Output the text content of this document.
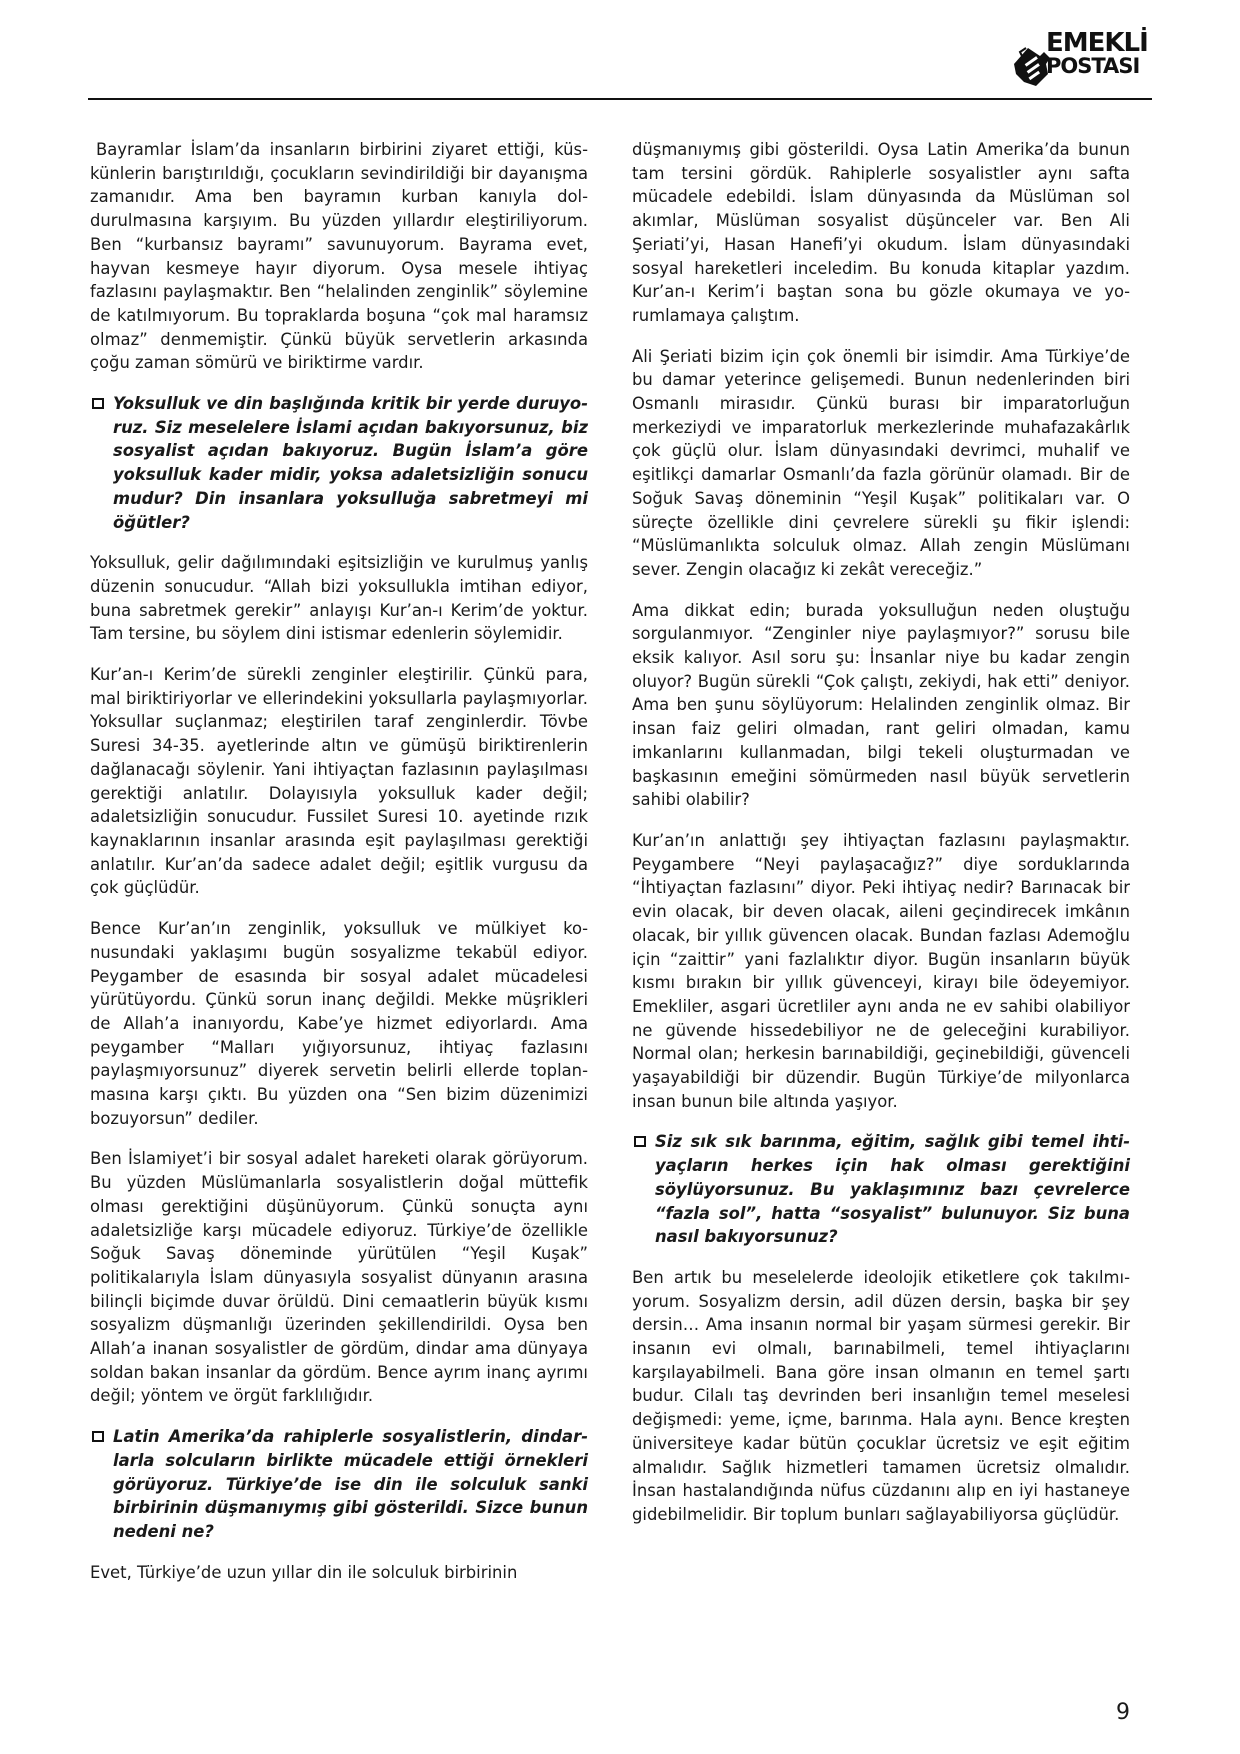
EMEKLİ
POSTASI

Bayramlar İslam’da insanların birbirini ziyaret ettiği, küskünlerin barıştırıldığı, çocukların sevindirildiği bir dayanışma zamanıdır. Ama ben bayramın kurban kanıyla doldurulmasına karşıyım. Bu yüzden yıllardır eleştiriliyorum. Ben “kurbansız bayramı” savunuyorum. Bayrama evet, hayvan kesmeye hayır diyorum. Oysa mesele ihtiyaç fazlasını paylaşmaktır. Ben “helalinden zenginlik” söylemine de katılmıyorum. Bu topraklarda boşuna “çok mal haramsız olmaz” denmemiştir. Çünkü büyük servetlerin arkasında çoğu zaman sömürü ve biriktirme vardır.

Yoksulluk ve din başlığında kritik bir yerde duruyoruz. Siz meselelere İslami açıdan bakıyorsunuz, biz sosyalist açıdan bakıyoruz. Bugün İslam’a göre yoksulluk kader midir, yoksa adaletsizliğin sonucu mudur? Din insanlara yoksulluğa sabretmeyi mi öğütler?

Yoksulluk, gelir dağılımındaki eşitsizliğin ve kurulmuş yanlış düzenin sonucudur. “Allah bizi yoksullukla imtihan ediyor, buna sabretmek gerekir” anlayışı Kur’an-ı Kerim’de yoktur. Tam tersine, bu söylem dini istismar edenlerin söylemidir.

Kur’an-ı Kerim’de sürekli zenginler eleştirilir. Çünkü para, mal biriktiriyorlar ve ellerindekini yoksullarla paylaşmıyorlar. Yoksullar suçlanmaz; eleştirilen taraf zenginlerdir. Tövbe Suresi 34-35. ayetlerinde altın ve gümüşü biriktirenlerin dağlanacağı söylenir. Yani ihtiyaçtan fazlasının paylaşılması gerektiği anlatılır. Dolayısıyla yoksulluk kader değil; adaletsizliğin sonucudur. Fussilet Suresi 10. ayetinde rızık kaynaklarının insanlar arasında eşit paylaşılması gerektiği anlatılır. Kur’an’da sadece adalet değil; eşitlik vurgusu da çok güçlüdür.

Bence Kur’an’ın zenginlik, yoksulluk ve mülkiyet konusundaki yaklaşımı bugün sosyalizme tekabül ediyor. Peygamber de esasında bir sosyal adalet mücadelesi yürütüyordu. Çünkü sorun inanç değildi. Mekke müşrikleri de Allah’a inanıyordu, Kabe’ye hizmet ediyorlardı. Ama peygamber “Malları yığıyorsunuz, ihtiyaç fazlasını paylaşmıyorsunuz” diyerek servetin belirli ellerde toplanmasına karşı çıktı. Bu yüzden ona “Sen bizim düzenimizi bozuyorsun” dediler.

Ben İslamiyet’i bir sosyal adalet hareketi olarak görüyorum. Bu yüzden Müslümanlarla sosyalistlerin doğal müttefik olması gerektiğini düşünüyorum. Çünkü sonuçta aynı adaletsizliğe karşı mücadele ediyoruz. Türkiye’de özellikle Soğuk Savaş döneminde yürütülen “Yeşil Kuşak” politikalarıyla İslam dünyasıyla sosyalist dünyanın arasına bilinçli biçimde duvar örüldü. Dini cemaatlerin büyük kısmı sosyalizm düşmanlığı üzerinden şekillendirildi. Oysa ben Allah’a inanan sosyalistler de gördüm, dindar ama dünyaya soldan bakan insanlar da gördüm. Bence ayrım inanç ayrımı değil; yöntem ve örgüt farklılığıdır.

Latin Amerika’da rahiplerle sosyalistlerin, dindarlarla solcuların birlikte mücadele ettiği örnekleri görüyoruz. Türkiye’de ise din ile solculuk sanki birbirinin düşmanıymış gibi gösterildi. Sizce bunun nedeni ne?

Evet, Türkiye’de uzun yıllar din ile solculuk birbirinin

düşmanıymış gibi gösterildi. Oysa Latin Amerika’da bunun tam tersini gördük. Rahiplerle sosyalistler aynı safta mücadele edebildi. İslam dünyasında da Müslüman sol akımlar, Müslüman sosyalist düşünceler var. Ben Ali Şeriati’yi, Hasan Hanefi’yi okudum. İslam dünyasındaki sosyal hareketleri inceledim. Bu konuda kitaplar yazdım. Kur’an-ı Kerim’i baştan sona bu gözle okumaya ve yorumlamaya çalıştım.

Ali Şeriati bizim için çok önemli bir isimdir. Ama Türkiye’de bu damar yeterince gelişemedi. Bunun nedenlerinden biri Osmanlı mirasıdır. Çünkü burası bir imparatorluğun merkeziydi ve imparatorluk merkezlerinde muhafazakârlık çok güçlü olur. İslam dünyasındaki devrimci, muhalif ve eşitlikçi damarlar Osmanlı’da fazla görünür olamadı. Bir de Soğuk Savaş döneminin “Yeşil Kuşak” politikaları var. O süreçte özellikle dini çevrelere sürekli şu fikir işlendi: “Müslümanlıkta solculuk olmaz. Allah zengin Müslümanı sever. Zengin olacağız ki zekât vereceğiz.”

Ama dikkat edin; burada yoksulluğun neden oluştuğu sorgulanmıyor. “Zenginler niye paylaşmıyor?” sorusu bile eksik kalıyor. Asıl soru şu: İnsanlar niye bu kadar zengin oluyor? Bugün sürekli “Çok çalıştı, zekiydi, hak etti” deniyor. Ama ben şunu söylüyorum: Helalinden zenginlik olmaz. Bir insan faiz geliri olmadan, rant geliri olmadan, kamu imkanlarını kullanmadan, bilgi tekeli oluşturmadan ve başkasının emeğini sömürmeden nasıl büyük servetlerin sahibi olabilir?

Kur’an’ın anlattığı şey ihtiyaçtan fazlasını paylaşmaktır. Peygambere “Neyi paylaşacağız?” diye sorduklarında “İhtiyaçtan fazlasını” diyor. Peki ihtiyaç nedir? Barınacak bir evin olacak, bir deven olacak, aileni geçindirecek imkânın olacak, bir yıllık güvencen olacak. Bundan fazlası Ademoğlu için “zaittir” yani fazlalıktır diyor. Bugün insanların büyük kısmı bırakın bir yıllık güvenceyi, kirayı bile ödeyemiyor. Emekliler, asgari ücretliler aynı anda ne ev sahibi olabiliyor ne güvende hissedebiliyor ne de geleceğini kurabiliyor. Normal olan; herkesin barınabildiği, geçinebildiği, güvenceli yaşayabildiği bir düzendir. Bugün Türkiye’de milyonlarca insan bunun bile altında yaşıyor.

Siz sık sık barınma, eğitim, sağlık gibi temel ihtiyaçların herkes için hak olması gerektiğini söylüyorsunuz. Bu yaklaşımınız bazı çevrelerce “fazla sol”, hatta “sosyalist” bulunuyor. Siz buna nasıl bakıyorsunuz?

Ben artık bu meselelerde ideolojik etiketlere çok takılmıyorum. Sosyalizm dersin, adil düzen dersin, başka bir şey dersin… Ama insanın normal bir yaşam sürmesi gerekir. Bir insanın evi olmalı, barınabilmeli, temel ihtiyaçlarını karşılayabilmeli. Bana göre insan olmanın en temel şartı budur. Cilalı taş devrinden beri insanlığın temel meselesi değişmedi: yeme, içme, barınma. Hala aynı. Bence kreşten üniversiteye kadar bütün çocuklar ücretsiz ve eşit eğitim almalıdır. Sağlık hizmetleri tamamen ücretsiz olmalıdır. İnsan hastalandığında nüfus cüzdanını alıp en iyi hastaneye gidebilmelidir. Bir toplum bunları sağlayabiliyorsa güçlüdür.

9
